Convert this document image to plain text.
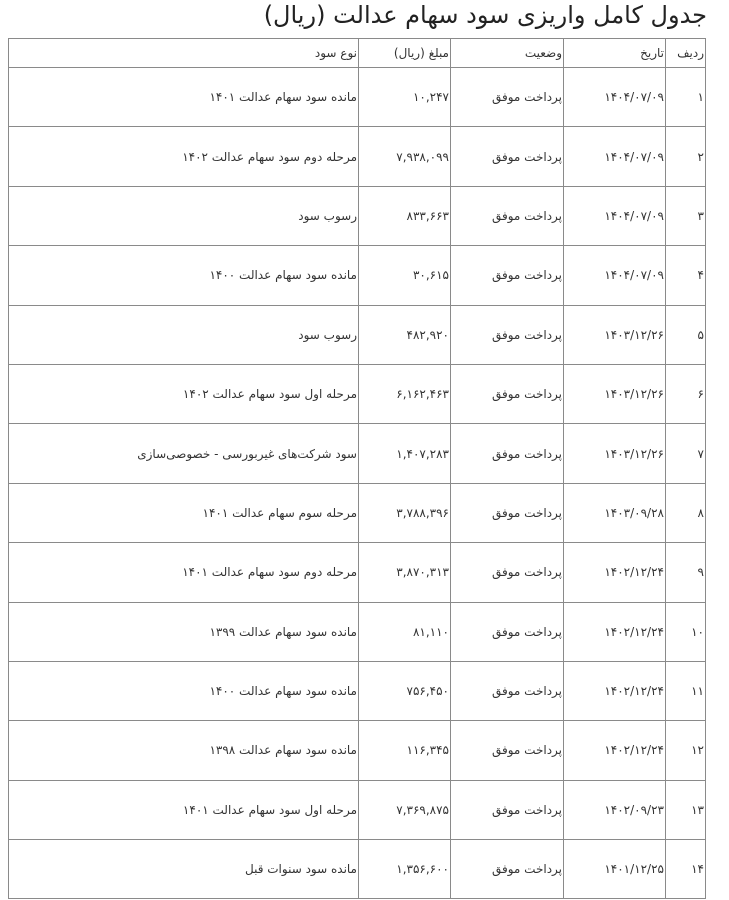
جدول کامل واریزی سود سهام عدالت (ریال)
ردیف	تاریخ	وضعیت	مبلغ (ریال)	نوع سود
۱	۱۴۰۴/۰۷/۰۹	پرداخت موفق	۱۰,۲۴۷	مانده سود سهام عدالت ۱۴۰۱
۲	۱۴۰۴/۰۷/۰۹	پرداخت موفق	۷,۹۳۸,۰۹۹	مرحله دوم سود سهام عدالت ۱۴۰۲
۳	۱۴۰۴/۰۷/۰۹	پرداخت موفق	۸۳۳,۶۶۳	رسوب سود
۴	۱۴۰۴/۰۷/۰۹	پرداخت موفق	۳۰,۶۱۵	مانده سود سهام عدالت ۱۴۰۰
۵	۱۴۰۳/۱۲/۲۶	پرداخت موفق	۴۸۲,۹۲۰	رسوب سود
۶	۱۴۰۳/۱۲/۲۶	پرداخت موفق	۶,۱۶۲,۴۶۳	مرحله اول سود سهام عدالت ۱۴۰۲
۷	۱۴۰۳/۱۲/۲۶	پرداخت موفق	۱,۴۰۷,۲۸۳	سود شرکت‌های غیربورسی - خصوصی‌سازی
۸	۱۴۰۳/۰۹/۲۸	پرداخت موفق	۳,۷۸۸,۳۹۶	مرحله سوم سهام عدالت ۱۴۰۱
۹	۱۴۰۲/۱۲/۲۴	پرداخت موفق	۳,۸۷۰,۳۱۳	مرحله دوم سود سهام عدالت ۱۴۰۱
۱۰	۱۴۰۲/۱۲/۲۴	پرداخت موفق	۸۱,۱۱۰	مانده سود سهام عدالت ۱۳۹۹
۱۱	۱۴۰۲/۱۲/۲۴	پرداخت موفق	۷۵۶,۴۵۰	مانده سود سهام عدالت ۱۴۰۰
۱۲	۱۴۰۲/۱۲/۲۴	پرداخت موفق	۱۱۶,۳۴۵	مانده سود سهام عدالت ۱۳۹۸
۱۳	۱۴۰۲/۰۹/۲۳	پرداخت موفق	۷,۳۶۹,۸۷۵	مرحله اول سود سهام عدالت ۱۴۰۱
۱۴	۱۴۰۱/۱۲/۲۵	پرداخت موفق	۱,۳۵۶,۶۰۰	مانده سود سنوات قبل
